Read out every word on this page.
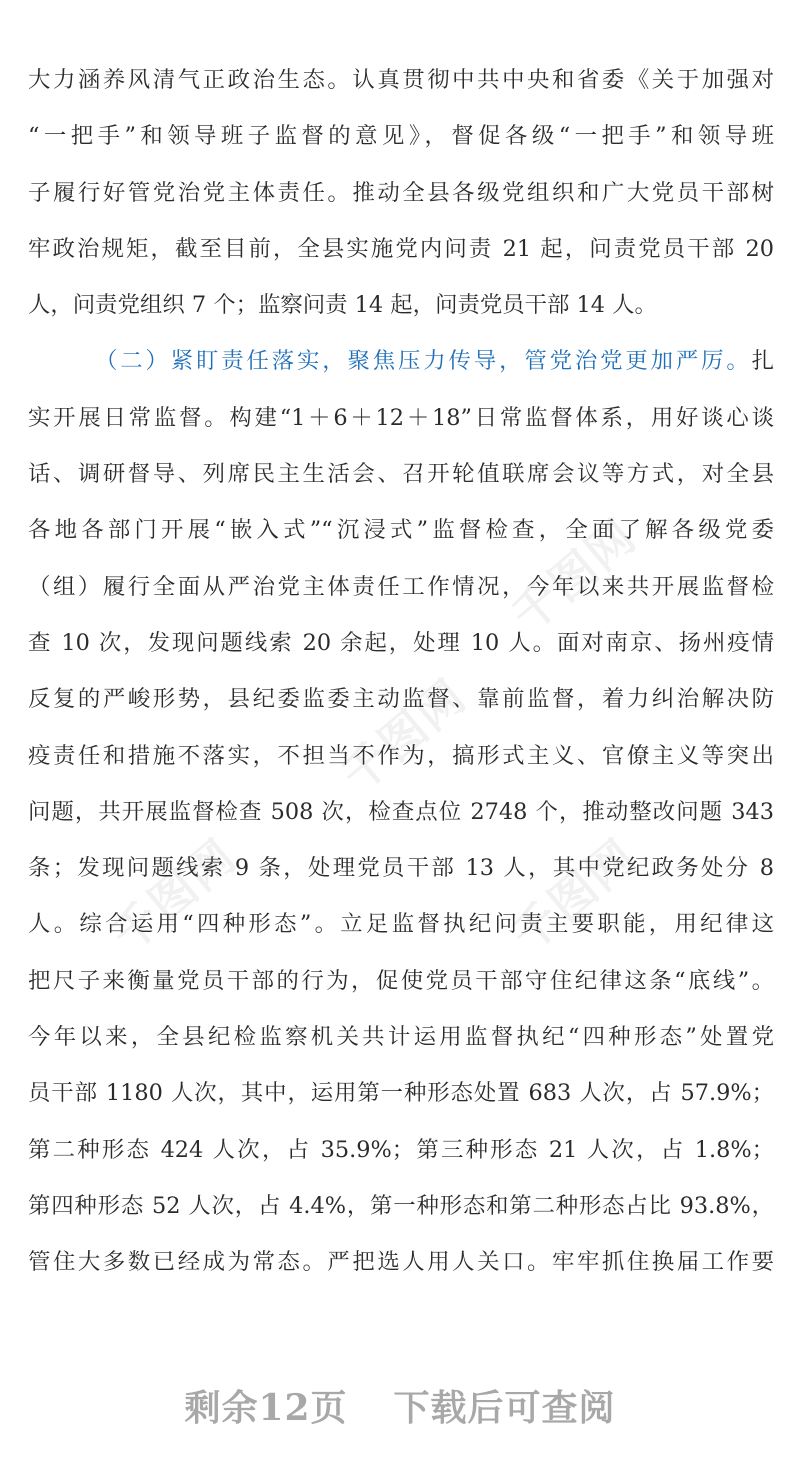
千图网
千图网
千图网	千图网
大力涵养风清气正政治生态。认真贯彻中共中央和省委《关于加强对
“一把手”和领导班子监督的意见》，督促各级“一把手”和领导班
子履行好管党治党主体责任。推动全县各级党组织和广大党员干部树
牢政治规矩，截至目前，全县实施党内问责 21 起，问责党员干部 20
人，问责党组织 7 个；监察问责 14 起，问责党员干部 14 人。
（二）紧盯责任落实，聚焦压力传导，管党治党更加严厉。扎
实开展日常监督。构建“1＋6＋12＋18”日常监督体系，用好谈心谈
话、调研督导、列席民主生活会、召开轮值联席会议等方式，对全县
各地各部门开展“嵌入式”“沉浸式”监督检查，全面了解各级党委
（组）履行全面从严治党主体责任工作情况，今年以来共开展监督检
查 10 次，发现问题线索 20 余起，处理 10 人。面对南京、扬州疫情
反复的严峻形势，县纪委监委主动监督、靠前监督，着力纠治解决防
疫责任和措施不落实，不担当不作为，搞形式主义、官僚主义等突出
问题，共开展监督检查 508 次，检查点位 2748 个，推动整改问题 343
条；发现问题线索 9 条，处理党员干部 13 人，其中党纪政务处分 8
人。综合运用“四种形态”。立足监督执纪问责主要职能，用纪律这
把尺子来衡量党员干部的行为，促使党员干部守住纪律这条“底线”。
今年以来，全县纪检监察机关共计运用监督执纪“四种形态”处置党
员干部 1180 人次，其中，运用第一种形态处置 683 人次，占 57.9%；
第二种形态 424 人次，占 35.9%；第三种形态 21 人次，占 1.8%；
第四种形态 52 人次，占 4.4%，第一种形态和第二种形态占比 93.8%，
管住大多数已经成为常态。严把选人用人关口。牢牢抓住换届工作要
剩余12页 下载后可查阅
